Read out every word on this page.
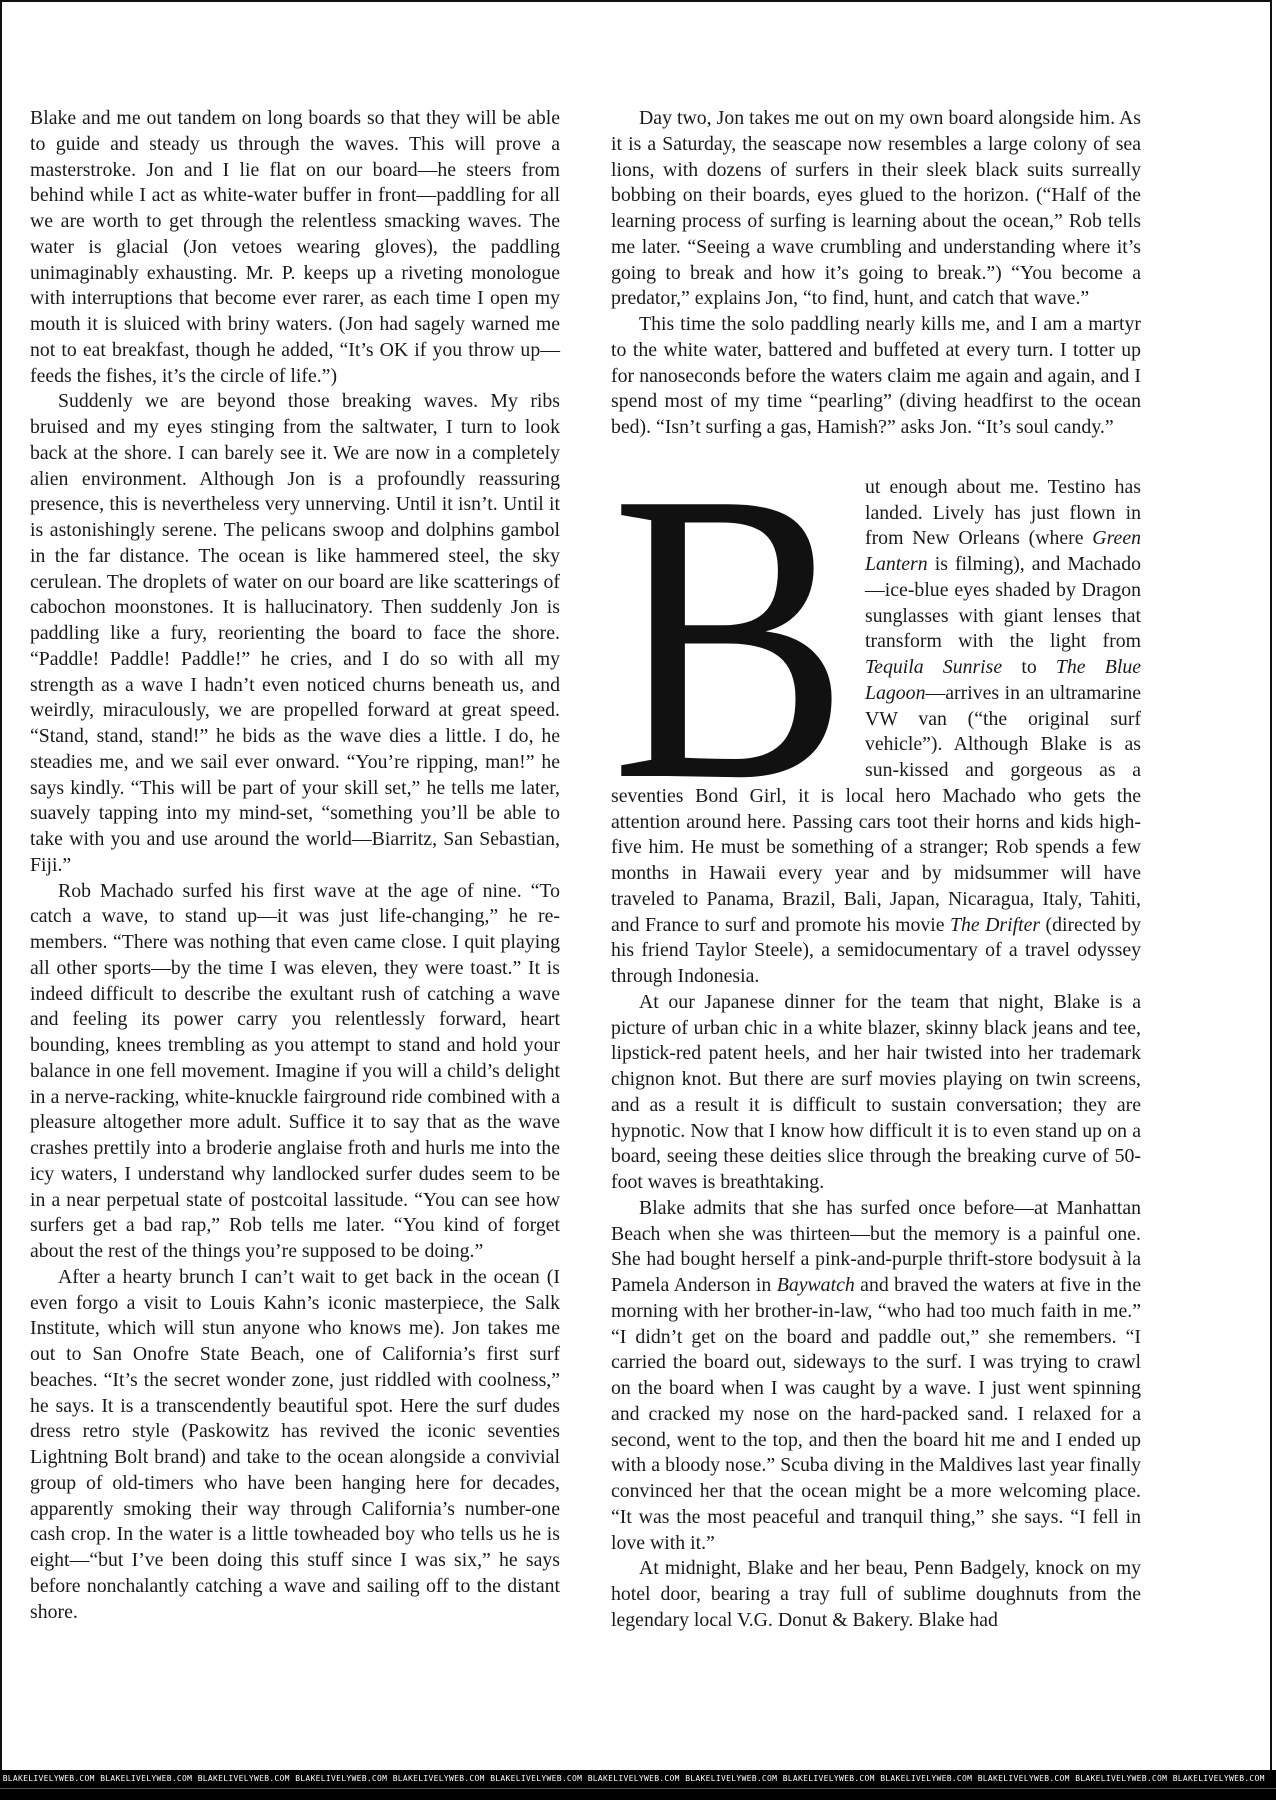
Blake and me out tandem on long boards so that they will be able to guide and steady us through the waves. This will prove a masterstroke. Jon and I lie flat on our board—he steers from behind while I act as white-water buffer in front—paddling for all we are worth to get through the relentless smacking waves. The water is glacial (Jon vetoes wearing gloves), the paddling unimaginably exhausting. Mr. P. keeps up a riveting monologue with interruptions that become ever rarer, as each time I open my mouth it is sluiced with briny waters. (Jon had sagely warned me not to eat breakfast, though he added, “It’s OK if you throw up—feeds the fishes, it’s the circle of life.”)

Suddenly we are beyond those breaking waves. My ribs bruised and my eyes stinging from the saltwater, I turn to look back at the shore. I can barely see it. We are now in a completely alien environment. Although Jon is a profoundly reassuring presence, this is nevertheless very unnerving. Until it isn’t. Until it is astonishingly serene. The pelicans swoop and dolphins gambol in the far distance. The ocean is like hammered steel, the sky cerulean. The droplets of water on our board are like scatterings of cabochon moonstones. It is hallucinatory. Then suddenly Jon is paddling like a fury, reorienting the board to face the shore. “Paddle! Paddle! Paddle!” he cries, and I do so with all my strength as a wave I hadn’t even noticed churns beneath us, and weirdly, miraculously, we are propelled forward at great speed. “Stand, stand, stand!” he bids as the wave dies a little. I do, he steadies me, and we sail ever onward. “You’re ripping, man!” he says kindly. “This will be part of your skill set,” he tells me later, suavely tapping into my mind-set, “something you’ll be able to take with you and use around the world—Biarritz, San Sebastian, Fiji.”

Rob Machado surfed his first wave at the age of nine. “To catch a wave, to stand up—it was just life-changing,” he remembers. “There was nothing that even came close. I quit playing all other sports—by the time I was eleven, they were toast.” It is indeed difficult to describe the exultant rush of catching a wave and feeling its power carry you relentlessly forward, heart bounding, knees trembling as you attempt to stand and hold your balance in one fell movement. Imagine if you will a child’s delight in a nerve-racking, white-knuckle fairground ride combined with a pleasure altogether more adult. Suffice it to say that as the wave crashes prettily into a broderie anglaise froth and hurls me into the icy waters, I understand why landlocked surfer dudes seem to be in a near perpetual state of postcoital lassitude. “You can see how surfers get a bad rap,” Rob tells me later. “You kind of forget about the rest of the things you’re supposed to be doing.”

After a hearty brunch I can’t wait to get back in the ocean (I even forgo a visit to Louis Kahn’s iconic masterpiece, the Salk Institute, which will stun anyone who knows me). Jon takes me out to San Onofre State Beach, one of California’s first surf beaches. “It’s the secret wonder zone, just riddled with coolness,” he says. It is a transcendently beautiful spot. Here the surf dudes dress retro style (Paskowitz has revived the iconic seventies Lightning Bolt brand) and take to the ocean alongside a convivial group of old-timers who have been hanging here for decades, apparently smoking their way through California’s number-one cash crop. In the water is a little towheaded boy who tells us he is eight—“but I’ve been doing this stuff since I was six,” he says before nonchalantly catching a wave and sailing off to the distant shore.

Day two, Jon takes me out on my own board alongside him. As it is a Saturday, the seascape now resembles a large colony of sea lions, with dozens of surfers in their sleek black suits surreally bobbing on their boards, eyes glued to the horizon. (“Half of the learning process of surfing is learning about the ocean,” Rob tells me later. “Seeing a wave crumbling and understanding where it’s going to break and how it’s going to break.”) “You become a predator,” explains Jon, “to find, hunt, and catch that wave.”

This time the solo paddling nearly kills me, and I am a martyr to the white water, battered and buffeted at every turn. I totter up for nanoseconds before the waters claim me again and again, and I spend most of my time “pearling” (diving headfirst to the ocean bed). “Isn’t surfing a gas, Hamish?” asks Jon. “It’s soul candy.”

B ut enough about me. Testino has landed. Lively has just flown in from New Orleans (where Green Lantern is filming), and Machado—ice-blue eyes shaded by Dragon sunglasses with giant lenses that transform with the light from Tequila Sunrise to The Blue Lagoon—arrives in an ultramarine VW van (“the original surf vehicle”). Although Blake is as sun-kissed and gorgeous as a seventies Bond Girl, it is local hero Machado who gets the attention around here. Passing cars toot their horns and kids high-five him. He must be something of a stranger; Rob spends a few months in Hawaii every year and by midsummer will have traveled to Panama, Brazil, Bali, Japan, Nicaragua, Italy, Tahiti, and France to surf and promote his movie The Drifter (directed by his friend Taylor Steele), a semidocumentary of a travel odyssey through Indonesia.

At our Japanese dinner for the team that night, Blake is a picture of urban chic in a white blazer, skinny black jeans and tee, lipstick-red patent heels, and her hair twisted into her trademark chignon knot. But there are surf movies playing on twin screens, and as a result it is difficult to sustain conversation; they are hypnotic. Now that I know how difficult it is to even stand up on a board, seeing these deities slice through the breaking curve of 50-foot waves is breathtaking.

Blake admits that she has surfed once before—at Manhattan Beach when she was thirteen—but the memory is a painful one. She had bought herself a pink-and-purple thrift-store bodysuit à la Pamela Anderson in Baywatch and braved the waters at five in the morning with her brother-in-law, “who had too much faith in me.” “I didn’t get on the board and paddle out,” she remembers. “I carried the board out, sideways to the surf. I was trying to crawl on the board when I was caught by a wave. I just went spinning and cracked my nose on the hard-packed sand. I relaxed for a second, went to the top, and then the board hit me and I ended up with a bloody nose.” Scuba diving in the Maldives last year finally convinced her that the ocean might be a more welcoming place. “It was the most peaceful and tranquil thing,” she says. “I fell in love with it.”

At midnight, Blake and her beau, Penn Badgely, knock on my hotel door, bearing a tray full of sublime doughnuts from the legendary local V.G. Donut & Bakery. Blake had

BLAKELIVELYWEB.COM BLAKELIVELYWEB.COM BLAKELIVELYWEB.COM BLAKELIVELYWEB.COM BLAKELIVELYWEB.COM BLAKELIVELYWEB.COM BLAKELIVELYWEB.COM BLAKELIVELYWEB.COM BLAKELIVELYWEB.COM BLAKELIVELYWEB.COM BLAKELIVELYWEB.COM BLAKELIVELYWEB.COM BLAKELIVELYWEB.COM
